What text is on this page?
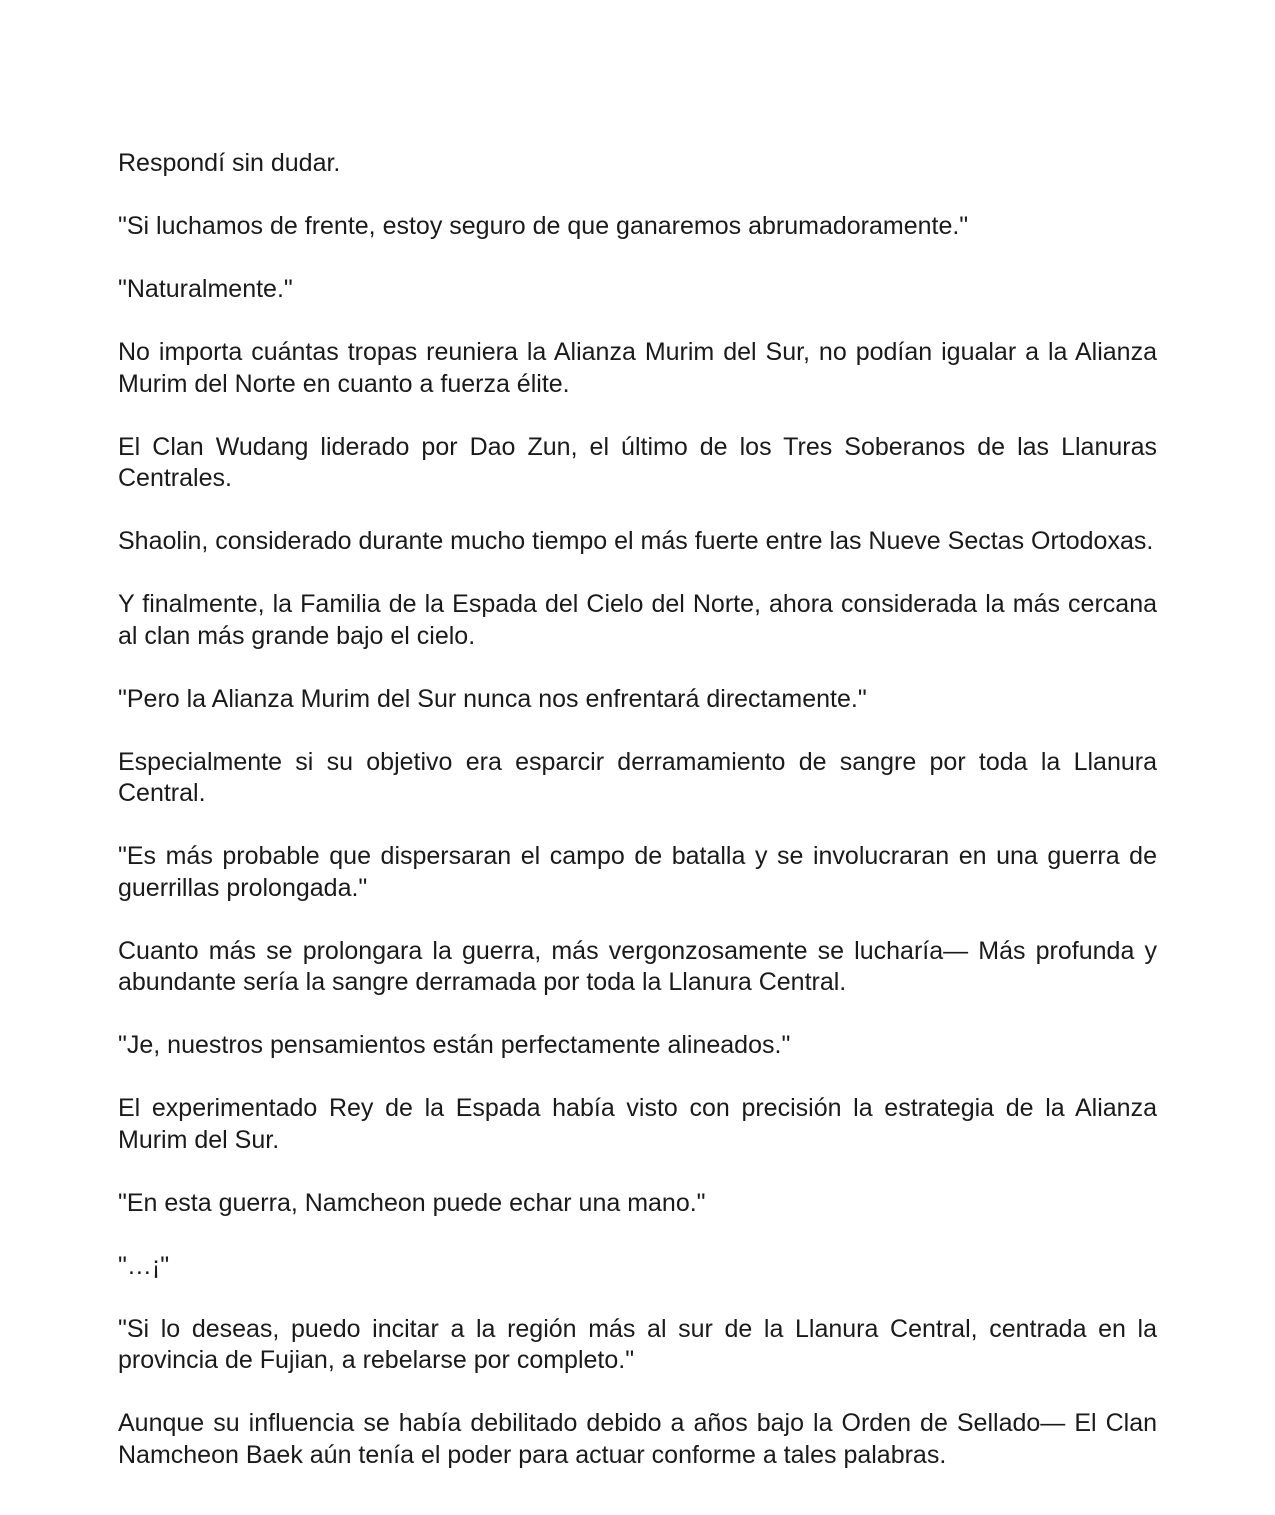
Respondí sin dudar.

"Si luchamos de frente, estoy seguro de que ganaremos abrumadoramente."

"Naturalmente."

No importa cuántas tropas reuniera la Alianza Murim del Sur, no podían igualar a la Alianza Murim del Norte en cuanto a fuerza élite.

El Clan Wudang liderado por Dao Zun, el último de los Tres Soberanos de las Llanuras Centrales.

Shaolin, considerado durante mucho tiempo el más fuerte entre las Nueve Sectas Ortodoxas.

Y finalmente, la Familia de la Espada del Cielo del Norte, ahora considerada la más cercana al clan más grande bajo el cielo.

"Pero la Alianza Murim del Sur nunca nos enfrentará directamente."

Especialmente si su objetivo era esparcir derramamiento de sangre por toda la Llanura Central.

"Es más probable que dispersaran el campo de batalla y se involucraran en una guerra de guerrillas prolongada."

Cuanto más se prolongara la guerra, más vergonzosamente se lucharía— Más profunda y abundante sería la sangre derramada por toda la Llanura Central.

"Je, nuestros pensamientos están perfectamente alineados."

El experimentado Rey de la Espada había visto con precisión la estrategia de la Alianza Murim del Sur.

"En esta guerra, Namcheon puede echar una mano."

"…¡"

"Si lo deseas, puedo incitar a la región más al sur de la Llanura Central, centrada en la provincia de Fujian, a rebelarse por completo."

Aunque su influencia se había debilitado debido a años bajo la Orden de Sellado— El Clan Namcheon Baek aún tenía el poder para actuar conforme a tales palabras.
